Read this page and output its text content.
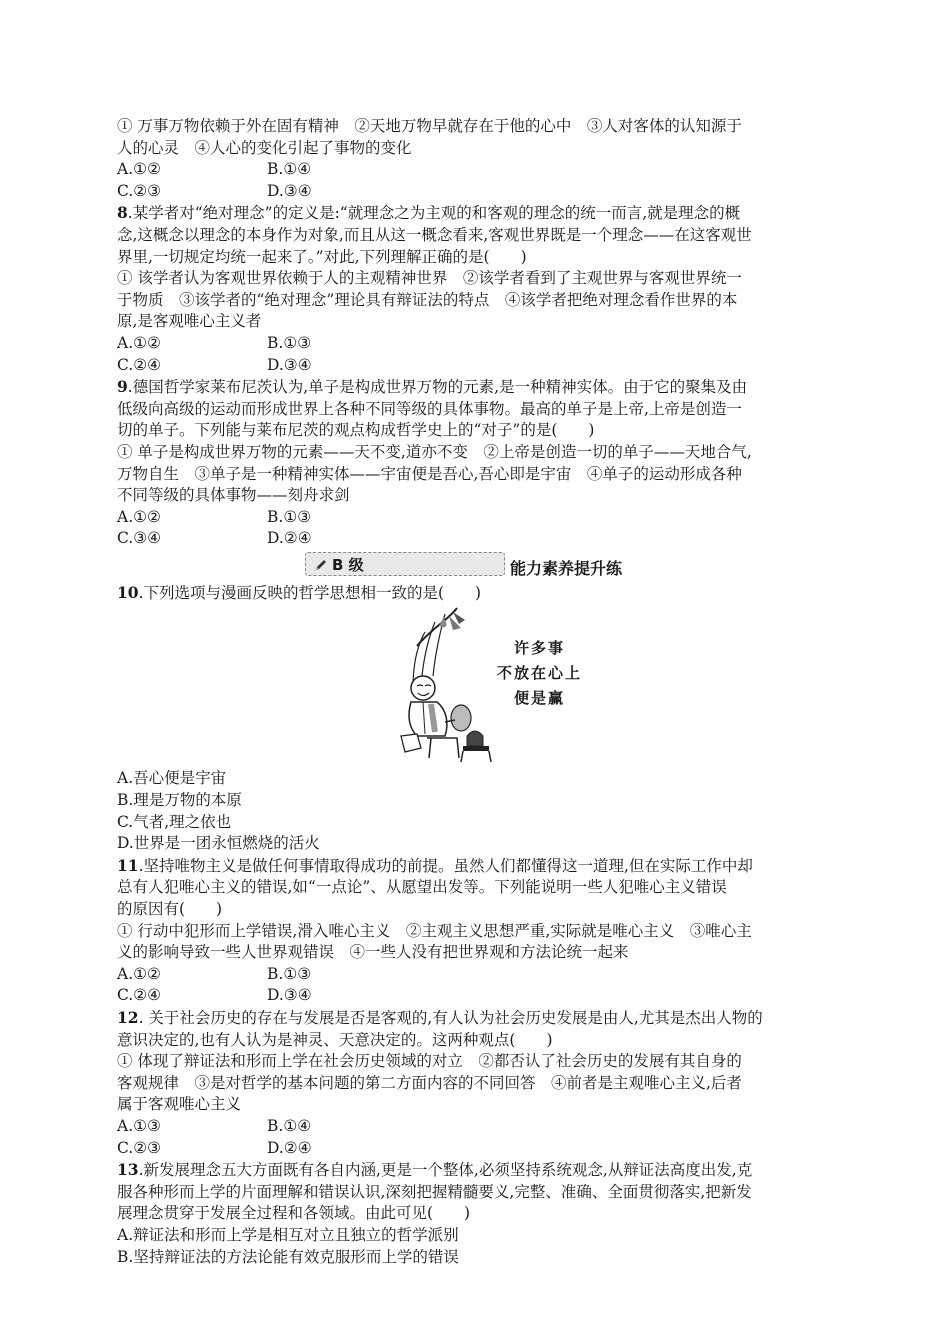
① 万事万物依赖于外在固有精神　②天地万物早就存在于他的心中　③人对客体的认知源于
人的心灵　④人心的变化引起了事物的变化
A.①②	B.①④
C.②③	D.③④
8.某学者对“绝对理念”的定义是:“就理念之为主观的和客观的理念的统一而言,就是理念的概
念,这概念以理念的本身作为对象,而且从这一概念看来,客观世界既是一个理念——在这客观世
界里,一切规定均统一起来了。”对此,下列理解正确的是(　　)
① 该学者认为客观世界依赖于人的主观精神世界　②该学者看到了主观世界与客观世界统一
于物质　③该学者的“绝对理念”理论具有辩证法的特点　④该学者把绝对理念看作世界的本
原,是客观唯心主义者
A.①②	B.①③
C.②④	D.③④
9.德国哲学家莱布尼茨认为,单子是构成世界万物的元素,是一种精神实体。由于它的聚集及由
低级向高级的运动而形成世界上各种不同等级的具体事物。最高的单子是上帝,上帝是创造一
切的单子。下列能与莱布尼茨的观点构成哲学史上的“对子”的是(　　)
① 单子是构成世界万物的元素——天不变,道亦不变　②上帝是创造一切的单子——天地合气,
万物自生　③单子是一种精神实体——宇宙便是吾心,吾心即是宇宙　④单子的运动形成各种
不同等级的具体事物——刻舟求剑
A.①②	B.①③
C.③④	D.②④
B 级	能力素养提升练
10.下列选项与漫画反映的哲学思想相一致的是(　　)
许多事
不放在心上
便是赢
A.吾心便是宇宙
B.理是万物的本原
C.气者,理之依也
D.世界是一团永恒燃烧的活火
11.坚持唯物主义是做任何事情取得成功的前提。虽然人们都懂得这一道理,但在实际工作中却
总有人犯唯心主义的错误,如“一点论”、从愿望出发等。下列能说明一些人犯唯心主义错误
的原因有(　　)
① 行动中犯形而上学错误,滑入唯心主义　②主观主义思想严重,实际就是唯心主义　③唯心主
义的影响导致一些人世界观错误　④一些人没有把世界观和方法论统一起来
A.①②	B.①③
C.②④	D.③④
12. 关于社会历史的存在与发展是否是客观的,有人认为社会历史发展是由人,尤其是杰出人物的
意识决定的,也有人认为是神灵、天意决定的。这两种观点(　　)
① 体现了辩证法和形而上学在社会历史领域的对立　②都否认了社会历史的发展有其自身的
客观规律　③是对哲学的基本问题的第二方面内容的不同回答　④前者是主观唯心主义,后者
属于客观唯心主义
A.①③	B.①④
C.②③	D.②④
13.新发展理念五大方面既有各自内涵,更是一个整体,必须坚持系统观念,从辩证法高度出发,克
服各种形而上学的片面理解和错误认识,深刻把握精髓要义,完整、准确、全面贯彻落实,把新发
展理念贯穿于发展全过程和各领域。由此可见(　　)
A.辩证法和形而上学是相互对立且独立的哲学派别
B.坚持辩证法的方法论能有效克服形而上学的错误
